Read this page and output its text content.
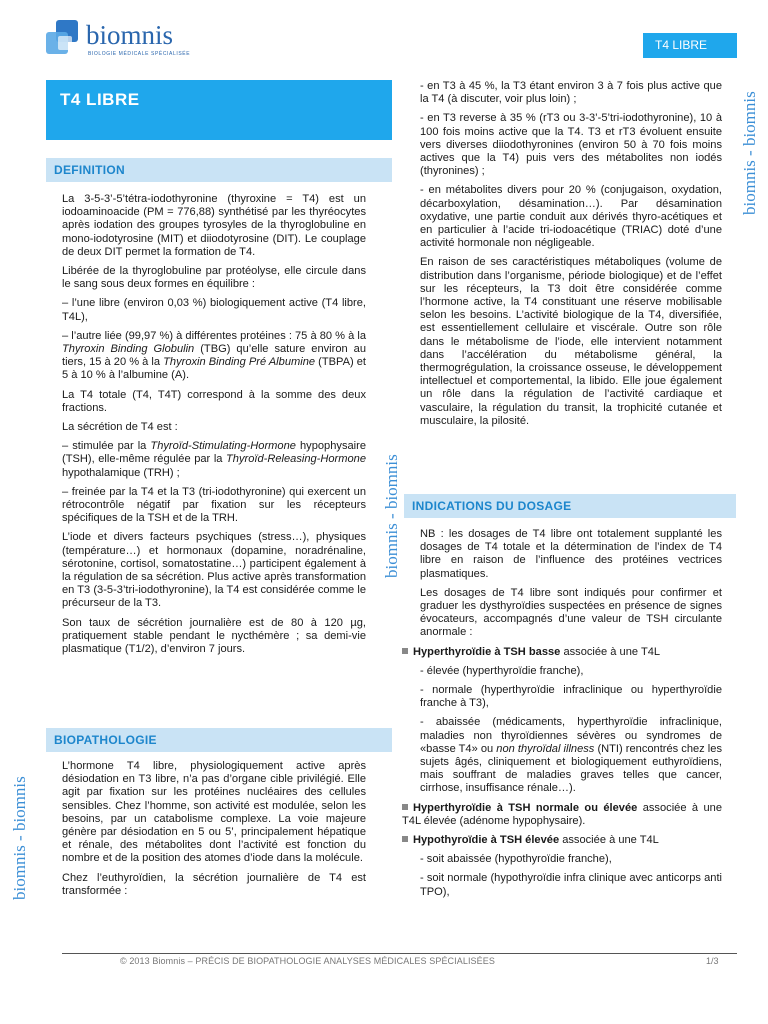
biomnis
BIOLOGIE MÉDICALE SPÉCIALISÉE
T4 LIBRE
T4 LIBRE	biomnis - biomnis
biomnis - biomnis
biomnis - biomnis
DEFINITION
BIOPATHOLOGIE
INDICATIONS DU DOSAGE

La 3-5-3’-5’tétra-iodothyronine (thyroxine = T4) est un iodoaminoacide (PM = 776,88) synthétisé par les thyréocytes après iodation des groupes tyrosyles de la thyroglobuline en mono-iodotyrosine (MIT) et diiodotyrosine (DIT). Le couplage de deux DIT permet la formation de T4.

Libérée de la thyroglobuline par protéolyse, elle circule dans le sang sous deux formes en équilibre :

– l’une libre (environ 0,03 %) biologiquement active (T4 libre, T4L),

– l’autre liée (99,97 %) à différentes protéines : 75 à 80 % à la Thyroxin Binding Globulin (TBG) qu’elle sature environ au tiers, 15 à 20 % à la Thyroxin Binding Pré Albumine (TBPA) et 5 à 10 % à l’albumine (A).

La T4 totale (T4, T4T) correspond à la somme des deux fractions.

La sécrétion de T4 est :

– stimulée par la Thyroïd-Stimulating-Hormone hypophysaire (TSH), elle-même régulée par la Thyroïd-Releasing-Hormone hypothalamique (TRH) ;

– freinée par la T4 et la T3 (tri-iodothyronine) qui exercent un rétrocontrôle négatif par fixation sur les récepteurs spécifiques de la TSH et de la TRH.

L’iode et divers facteurs psychiques (stress…), physiques (température…) et hormonaux (dopamine, noradrénaline, sérotonine, cortisol, somatostatine…) participent également à la régulation de sa sécrétion. Plus active après transformation en T3 (3-5-3’tri-iodothyronine), la T4 est considérée comme le précurseur de la T3.

Son taux de sécrétion journalière est de 80 à 120 µg, pratiquement stable pendant le nycthémère ; sa demi-vie plasmatique (T1/2), d’environ 7 jours.

L’hormone T4 libre, physiologiquement active après désiodation en T3 libre, n’a pas d’organe cible privilégié. Elle agit par fixation sur les protéines nucléaires des cellules sensibles. Chez l’homme, son activité est modulée, selon les besoins, par un catabolisme complexe. La voie majeure génère par désiodation en 5 ou 5’, principalement hépatique et rénale, des métabolites dont l’activité est fonction du nombre et de la position des atomes d’iode dans la molécule.

Chez l’euthyroïdien, la sécrétion journalière de T4 est transformée :

- en T3 à 45 %, la T3 étant environ 3 à 7 fois plus active que la T4 (à discuter, voir plus loin) ;

- en T3 reverse à 35 % (rT3 ou 3-3’-5’tri-iodothyronine), 10 à 100 fois moins active que la T4. T3 et rT3 évoluent ensuite vers diverses diiodothyronines (environ 50 à 70 fois moins actives que la T4) puis vers des métabolites non iodés (thyronines) ;

- en métabolites divers pour 20 % (conjugaison, oxydation, décarboxylation, désamination…). Par désamination oxydative, une partie conduit aux dérivés thyro-acétiques et en particulier à l’acide tri-iodoacétique (TRIAC) doté d’une activité hormonale non négligeable.

En raison de ses caractéristiques métaboliques (volume de distribution dans l’organisme, période biologique) et de l’effet sur les récepteurs, la T3 doit être considérée comme l’hormone active, la T4 constituant une réserve mobilisable selon les besoins. L’activité biologique de la T4, diversifiée, est essentiellement cellulaire et viscérale. Outre son rôle dans le métabolisme de l’iode, elle intervient notamment dans l’accélération du métabolisme général, la thermogrégulation, la croissance osseuse, le développement intellectuel et comportemental, la libido. Elle joue également un rôle dans la régulation de l’activité cardiaque et vasculaire, la régulation du transit, la trophicité cutanée et musculaire, la pilosité.

NB : les dosages de T4 libre ont totalement supplanté les dosages de T4 totale et la détermination de l’index de T4 libre en raison de l’influence des protéines vectrices plasmatiques.

Les dosages de T4 libre sont indiqués pour confirmer et graduer les dysthyroïdies suspectées en présence de signes évocateurs, accompagnés d’une valeur de TSH circulante anormale :

Hyperthyroïdie à TSH basse associée à une T4L

- élevée (hyperthyroïdie franche),

- normale (hyperthyroïdie infraclinique ou hyperthyroïdie franche à T3),

- abaissée (médicaments, hyperthyroïdie infraclinique, maladies non thyroïdiennes sévères ou syndromes de «basse T4» ou non thyroïdal illness (NTI) rencontrés chez les sujets âgés, cliniquement et biologiquement euthyroïdiens, mais souffrant de maladies graves telles que cancer, cirrhose, insuffisance rénale…).

Hyperthyroïdie à TSH normale ou élevée associée à une T4L élevée (adénome hypophysaire).

Hypothyroïdie à TSH élevée associée à une T4L

- soit abaissée (hypothyroïdie franche),

- soit normale (hypothyroïdie infra clinique avec anticorps anti TPO),

© 2013 Biomnis – PRÉCIS DE BIOPATHOLOGIE ANALYSES MÉDICALES SPÉCIALISÉES	1/3
